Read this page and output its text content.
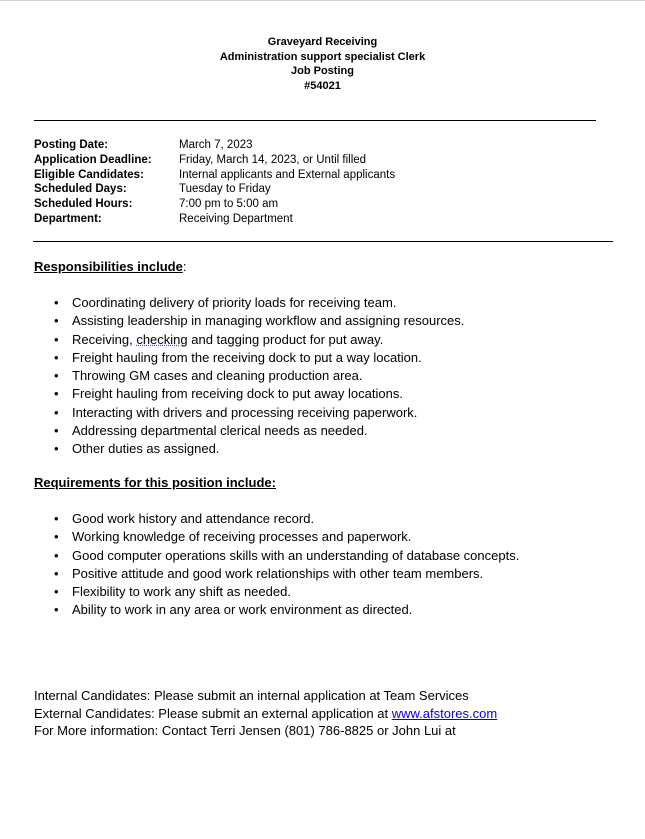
Graveyard Receiving
Administration support specialist Clerk
Job Posting
#54021
Posting Date:	March 7, 2023
Application Deadline: Friday, March 14, 2023, or Until filled
Eligible Candidates:	Internal applicants and External applicants
Scheduled Days:	Tuesday to Friday
Scheduled Hours:	7:00 pm to 5:00 am
Department:	Receiving Department
Responsibilities include:
• Coordinating delivery of priority loads for receiving team.
• Assisting leadership in managing workflow and assigning resources.
• Receiving, checking and tagging product for put away.
• Freight hauling from the receiving dock to put a way location.
• Throwing GM cases and cleaning production area.
• Freight hauling from receiving dock to put away locations.
• Interacting with drivers and processing receiving paperwork.
• Addressing departmental clerical needs as needed.
• Other duties as assigned.
Requirements for this position include:
• Good work history and attendance record.
• Working knowledge of receiving processes and paperwork.
• Good computer operations skills with an understanding of database concepts.
• Positive attitude and good work relationships with other team members.
• Flexibility to work any shift as needed.
• Ability to work in any area or work environment as directed.
Internal Candidates: Please submit an internal application at Team Services
External Candidates: Please submit an external application at www.afstores.com
For More information: Contact Terri Jensen (801) 786-8825 or John Lui at
